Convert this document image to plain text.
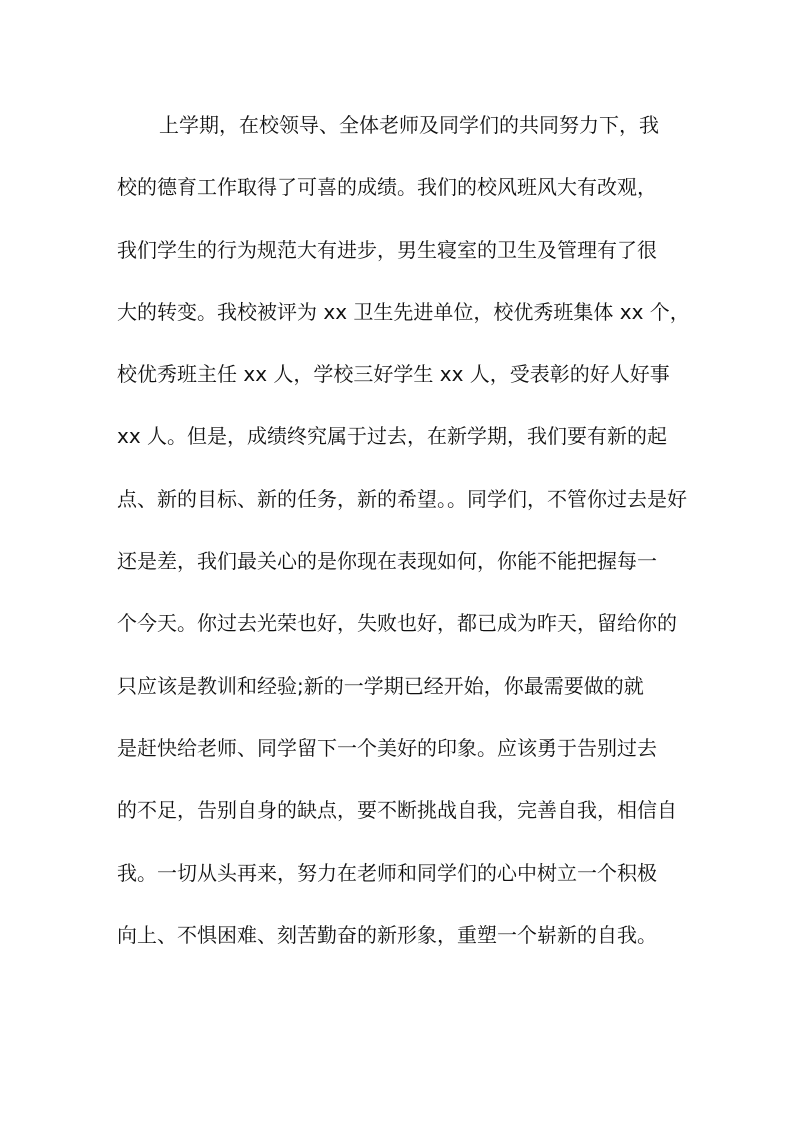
上学期，在校领导、全体老师及同学们的共同努力下，我
校的德育工作取得了可喜的成绩。我们的校风班风大有改观，
我们学生的行为规范大有进步，男生寝室的卫生及管理有了很
大的转变。我校被评为 xx 卫生先进单位，校优秀班集体 xx 个，
校优秀班主任 xx 人，学校三好学生 xx 人，受表彰的好人好事
xx 人。但是，成绩终究属于过去，在新学期，我们要有新的起
点、新的目标、新的任务，新的希望。。同学们，不管你过去是好
还是差，我们最关心的是你现在表现如何，你能不能把握每一
个今天。你过去光荣也好，失败也好，都已成为昨天，留给你的
只应该是教训和经验;新的一学期已经开始，你最需要做的就
是赶快给老师、同学留下一个美好的印象。应该勇于告别过去
的不足，告别自身的缺点，要不断挑战自我，完善自我，相信自
我。一切从头再来，努力在老师和同学们的心中树立一个积极
向上、不惧困难、刻苦勤奋的新形象，重塑一个崭新的自我。
